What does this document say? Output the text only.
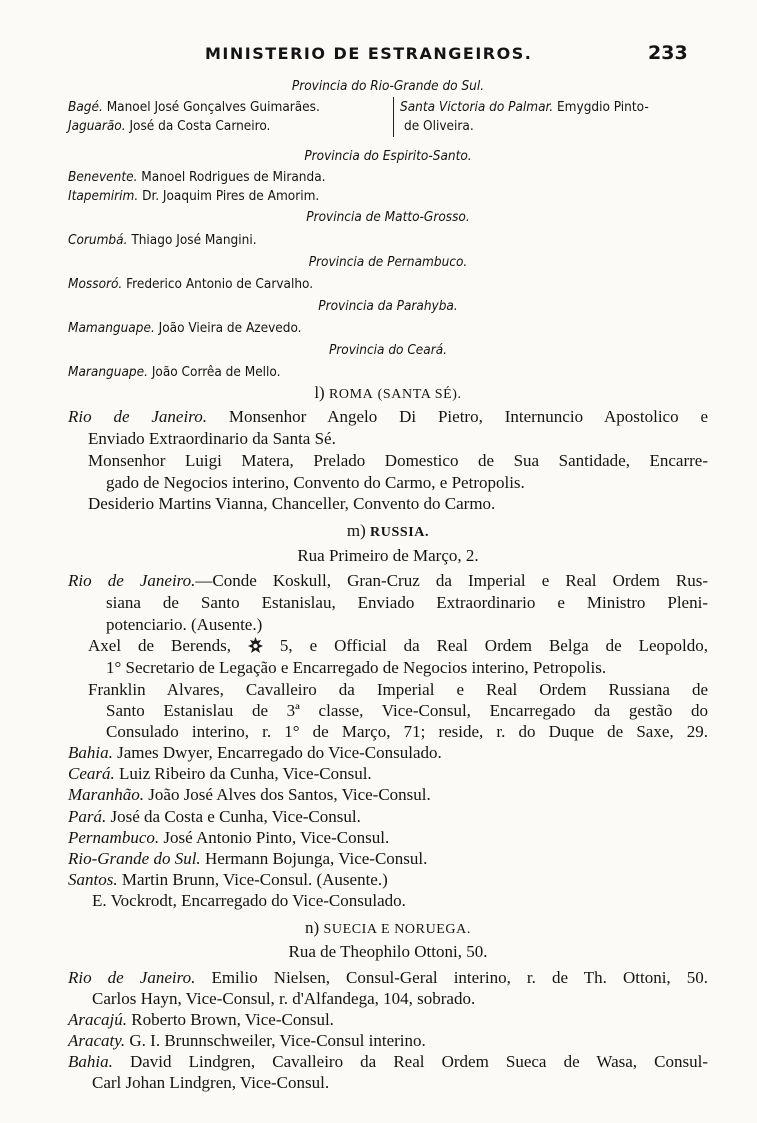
MINISTERIO DE ESTRANGEIROS.	233
Provincia do Rio-Grande do Sul.
Bagé. Manoel José Gonçalves Guimarães.	Santa Victoria do Palmar. Emygdio Pinto-
Jaguarão. José da Costa Carneiro.	de Oliveira.
Provincia do Espirito-Santo.
Benevente. Manoel Rodrigues de Miranda.
Itapemirim. Dr. Joaquim Pires de Amorim.
Provincia de Matto-Grosso.
Corumbá. Thiago José Mangini.
Provincia de Pernambuco.
Mossoró. Frederico Antonio de Carvalho.
Provincia da Parahyba.
Mamanguape. João Vieira de Azevedo.
Provincia do Ceará.
Maranguape. João Corrêa de Mello.
l) ROMA (SANTA SÉ).
Rio de Janeiro. Monsenhor Angelo Di Pietro, Internuncio Apostolico e
Enviado Extraordinario da Santa Sé.
Monsenhor Luigi Matera, Prelado Domestico de Sua Santidade, Encarre-
gado de Negocios interino, Convento do Carmo, e Petropolis.
Desiderio Martins Vianna, Chanceller, Convento do Carmo.
m) RUSSIA.
Rua Primeiro de Março, 2.
Rio de Janeiro.—Conde Koskull, Gran-Cruz da Imperial e Real Ordem Rus-
siana de Santo Estanislau, Enviado Extraordinario e Ministro Pleni-
potenciario. (Ausente.)
Axel de Berends,	5, e Official da Real Ordem Belga de Leopoldo,
1° Secretario de Legação e Encarregado de Negocios interino, Petropolis.
Franklin Alvares, Cavalleiro da Imperial e Real Ordem Russiana de
Santo Estanislau de 3ª classe, Vice-Consul, Encarregado da gestão do
Consulado interino, r. 1° de Março, 71; reside, r. do Duque de Saxe, 29.
Bahia. James Dwyer, Encarregado do Vice-Consulado.
Ceará. Luiz Ribeiro da Cunha, Vice-Consul.
Maranhão. João José Alves dos Santos, Vice-Consul.
Pará. José da Costa e Cunha, Vice-Consul.
Pernambuco. José Antonio Pinto, Vice-Consul.
Rio-Grande do Sul. Hermann Bojunga, Vice-Consul.
Santos. Martin Brunn, Vice-Consul. (Ausente.)
E. Vockrodt, Encarregado do Vice-Consulado.
n) SUECIA E NORUEGA.
Rua de Theophilo Ottoni, 50.
Rio de Janeiro. Emilio Nielsen, Consul-Geral interino, r. de Th. Ottoni, 50.
Carlos Hayn, Vice-Consul, r. d'Alfandega, 104, sobrado.
Aracajú. Roberto Brown, Vice-Consul.
Aracaty. G. I. Brunnschweiler, Vice-Consul interino.
Bahia. David Lindgren, Cavalleiro da Real Ordem Sueca de Wasa, Consul-
Carl Johan Lindgren, Vice-Consul.
